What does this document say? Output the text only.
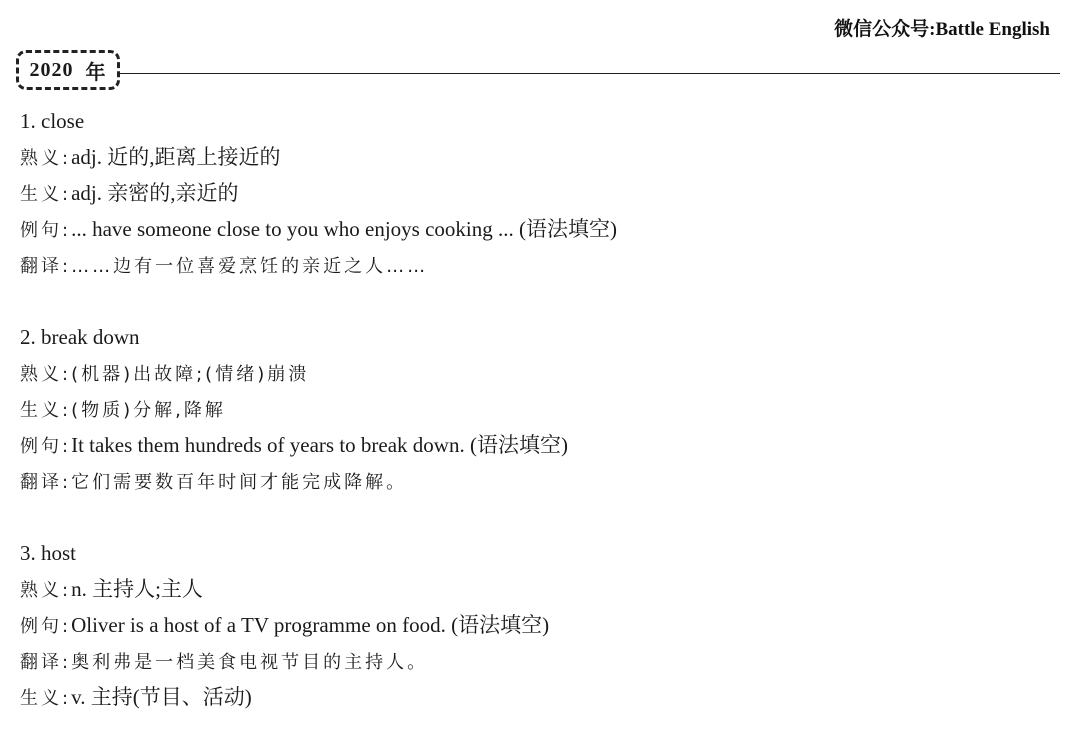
微信公众号:Battle English
2020 年
1. close
熟义:adj. 近的,距离上接近的
生义:adj. 亲密的,亲近的
例句:... have someone close to you who enjoys cooking ... (语法填空)
翻译:……边有一位喜爱烹饪的亲近之人……
2. break down
熟义:(机器)出故障;(情绪)崩溃
生义:(物质)分解,降解
例句:It takes them hundreds of years to break down. (语法填空)
翻译:它们需要数百年时间才能完成降解。
3. host
熟义:n. 主持人;主人
例句:Oliver is a host of a TV programme on food. (语法填空)
翻译:奥利弗是一档美食电视节目的主持人。
生义:v. 主持(节目、活动)
